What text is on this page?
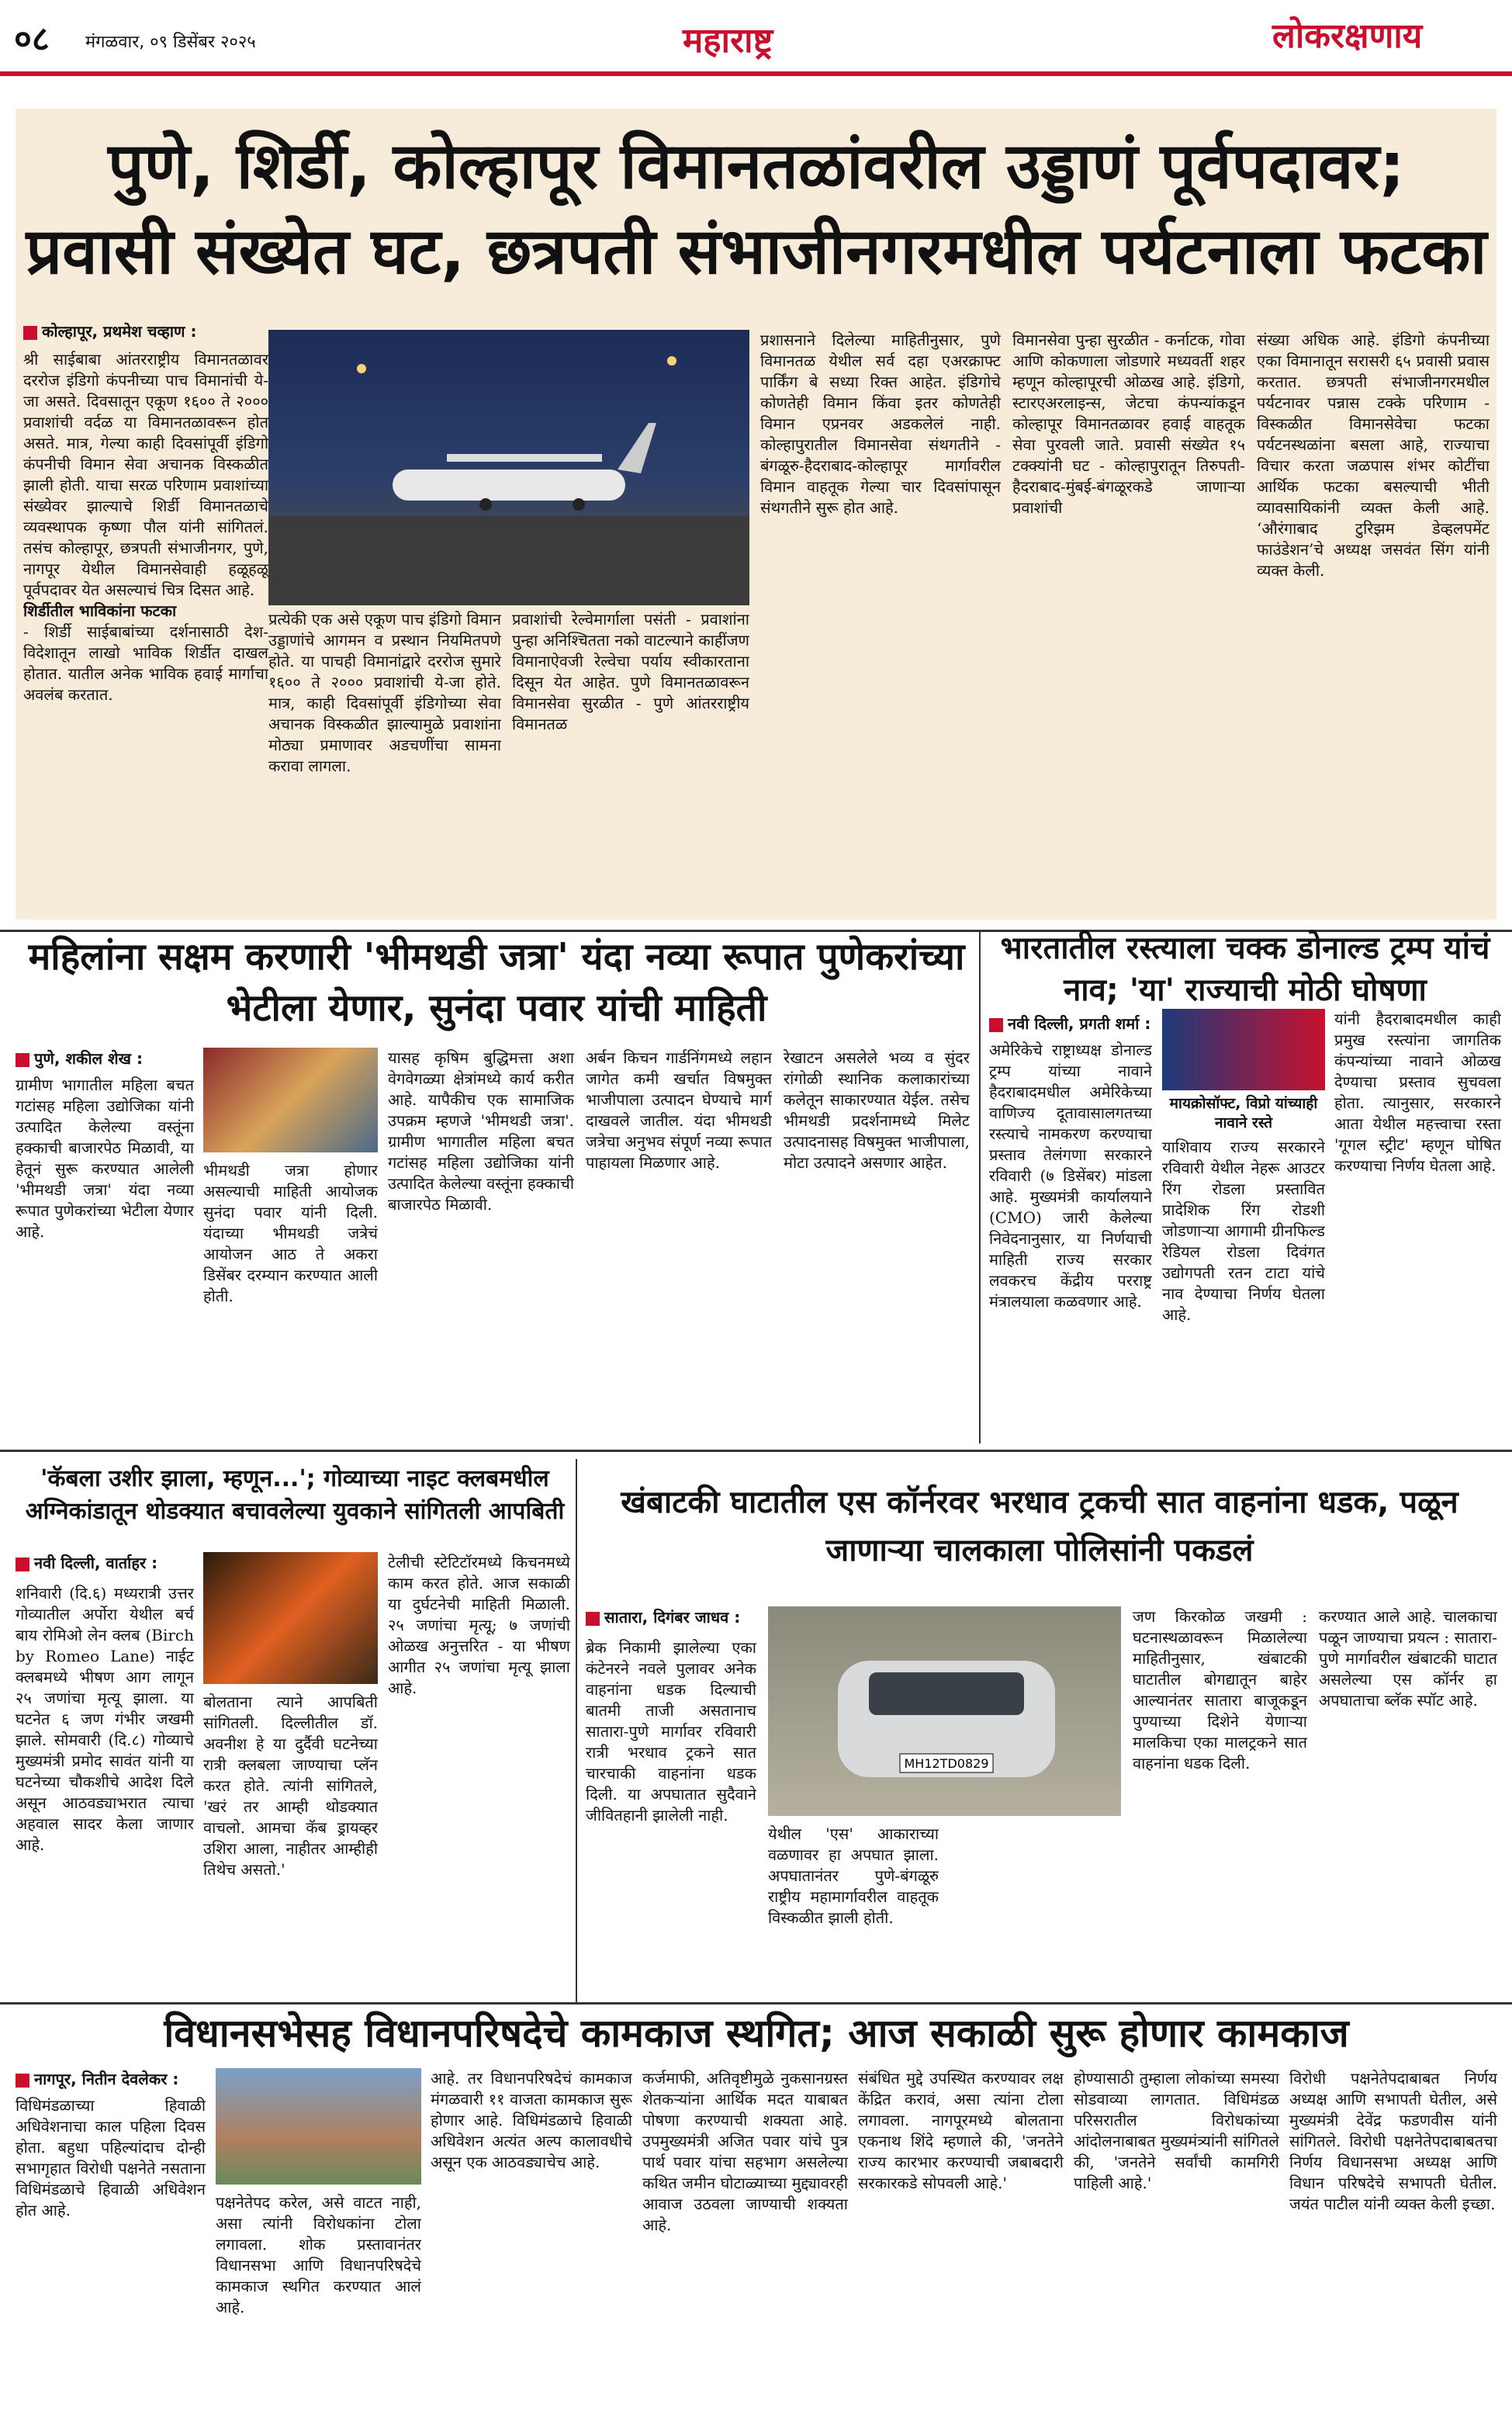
०८ मंगळवार, ०९ डिसेंबर २०२५	महाराष्ट्र	लोकरक्षणाय
पुणे, शिर्डी, कोल्हापूर विमानतळांवरील उड्डाणं पूर्वपदावर; प्रवासी संख्येत घट, छत्रपती संभाजीनगरमधील पर्यटनाला फटका
कोल्हापूर, प्रथमेश चव्हाण :
श्री साईबाबा आंतरराष्ट्रीय विमानतळावर दररोज इंडिगो कंपनीच्या पाच विमानांची ये-जा असते. दिवसातून एकूण १६०० ते २००० प्रवाशांची वर्दळ या विमानतळावरून होत असते. मात्र, गेल्या काही दिवसांपूर्वी इंडिगो कंपनीची विमान सेवा अचानक विस्कळीत झाली होती. याचा सरळ परिणाम प्रवाशांच्या संख्येवर झाल्याचे शिर्डी विमानतळाचे व्यवस्थापक कृष्णा पौल यांनी सांगितलं. तसंच कोल्हापूर, छत्रपती संभाजीनगर, पुणे, नागपूर येथील विमानसेवाही हळूहळू पूर्वपदावर येत असल्याचं चित्र दिसत आहे.
शिर्डीतील भाविकांना फटका
- शिर्डी साईबाबांच्या दर्शनासाठी देश-विदेशातून लाखो भाविक शिर्डीत दाखल होतात. यातील अनेक भाविक हवाई मार्गाचा अवलंब करतात.
प्रत्येकी एक असे एकूण पाच इंडिगो विमान उड्डाणांचे आगमन व प्रस्थान नियमितपणे होते. या पाचही विमानांद्वारे दररोज सुमारे १६०० ते २००० प्रवाशांची ये-जा होते. मात्र, काही दिवसांपूर्वी इंडिगोच्या सेवा अचानक विस्कळीत झाल्यामुळे प्रवाशांना मोठ्या प्रमाणावर अडचणींचा सामना करावा लागला.
प्रवाशांची रेल्वेमार्गाला पसंती - प्रवाशांना पुन्हा अनिश्चितता नको वाटल्याने काहींजण विमानाऐवजी रेल्वेचा पर्याय स्वीकारताना दिसून येत आहेत. पुणे विमानतळावरून विमानसेवा सुरळीत - पुणे आंतरराष्ट्रीय विमानतळ
प्रशासनाने दिलेल्या माहितीनुसार, पुणे विमानतळ येथील सर्व दहा एअरक्राफ्ट पार्किंग बे सध्या रिक्त आहेत. इंडिगोचे कोणतेही विमान किंवा इतर कोणतेही विमान एप्रनवर अडकलेलं नाही. कोल्हापुरातील विमानसेवा संथगतीने - बंगळूरु-हैदराबाद-कोल्हापूर मार्गावरील विमान वाहतूक गेल्या चार दिवसांपासून संथगतीने सुरू होत आहे.
विमानसेवा पुन्हा सुरळीत - कर्नाटक, गोवा आणि कोकणाला जोडणारे मध्यवर्ती शहर म्हणून कोल्हापूरची ओळख आहे. इंडिगो, स्टारएअरलाइन्स, जेटचा कंपन्यांकडून कोल्हापूर विमानतळावर हवाई वाहतूक सेवा पुरवली जाते. प्रवासी संख्येत १५ टक्क्यांनी घट - कोल्हापुरातून तिरुपती-हैदराबाद-मुंबई-बंगळूरकडे जाणाऱ्या प्रवाशांची
संख्या अधिक आहे. इंडिगो कंपनीच्या एका विमानातून सरासरी ६५ प्रवासी प्रवास करतात. छत्रपती संभाजीनगरमधील पर्यटनावर पन्नास टक्के परिणाम - विस्कळीत विमानसेवेचा फटका पर्यटनस्थळांना बसला आहे, राज्याचा विचार करता जळपास शंभर कोटींचा आर्थिक फटका बसल्याची भीती व्यावसायिकांनी व्यक्त केली आहे. ‘औरंगाबाद टुरिझम डेव्हलपमेंट फाउंडेशन’चे अध्यक्ष जसवंत सिंग यांनी व्यक्त केली.
महिलांना सक्षम करणारी 'भीमथडी जत्रा' यंदा नव्या रूपात पुणेकरांच्या भेटीला येणार, सुनंदा पवार यांची माहिती
पुणे, शकील शेख :
ग्रामीण भागातील महिला बचत गटांसह महिला उद्योजिका यांनी उत्पादित केलेल्या वस्तूंना हक्काची बाजारपेठ मिळावी, या हेतूनं सुरू करण्यात आलेली 'भीमथडी जत्रा' यंदा नव्या रूपात पुणेकरांच्या भेटीला येणार आहे.
भीमथडी जत्रा होणार असल्याची माहिती आयोजक सुनंदा पवार यांनी दिली. यंदाच्या भीमथडी जत्रेचं आयोजन आठ ते अकरा डिसेंबर दरम्यान करण्यात आली होती.
यासह कृषिम बुद्धिमत्ता अशा वेगवेगळ्या क्षेत्रांमध्ये कार्य करीत आहे. यापैकीच एक सामाजिक उपक्रम म्हणजे 'भीमथडी जत्रा'. ग्रामीण भागातील महिला बचत गटांसह महिला उद्योजिका यांनी उत्पादित केलेल्या वस्तूंना हक्काची बाजारपेठ मिळावी.
अर्बन किचन गार्डनिंगमध्ये लहान जागेत कमी खर्चात विषमुक्त भाजीपाला उत्पादन घेण्याचे मार्ग दाखवले जातील. यंदा भीमथडी जत्रेचा अनुभव संपूर्ण नव्या रूपात पाहायला मिळणार आहे.
रेखाटन असलेले भव्य व सुंदर रांगोळी स्थानिक कलाकारांच्या कलेतून साकारण्यात येईल. तसेच भीमथडी प्रदर्शनामध्ये मिलेट उत्पादनासह विषमुक्त भाजीपाला, मोटा उत्पादने असणार आहेत.
भारतातील रस्त्याला चक्क डोनाल्ड ट्रम्प यांचं नाव; 'या' राज्याची मोठी घोषणा
नवी दिल्ली, प्रगती शर्मा :
अमेरिकेचे राष्ट्राध्यक्ष डोनाल्ड ट्रम्प यांच्या नावाने हैदराबादमधील अमेरिकेच्या वाणिज्य दूतावासालगतच्या रस्त्याचे नामकरण करण्याचा प्रस्ताव तेलंगणा सरकारने रविवारी (७ डिसेंबर) मांडला आहे. मुख्यमंत्री कार्यालयाने (CMO) जारी केलेल्या निवेदनानुसार, या निर्णयाची माहिती राज्य सरकार लवकरच केंद्रीय परराष्ट्र मंत्रालयाला कळवणार आहे.
मायक्रोसॉफ्ट, विप्रो यांच्याही नावाने रस्ते
याशिवाय राज्य सरकारने रविवारी येथील नेहरू आउटर रिंग रोडला प्रस्तावित प्रादेशिक रिंग रोडशी जोडणाऱ्या आगामी ग्रीनफिल्ड रेडियल रोडला दिवंगत उद्योगपती रतन टाटा यांचे नाव देण्याचा निर्णय घेतला आहे.
यांनी हैदराबादमधील काही प्रमुख रस्त्यांना जागतिक कंपन्यांच्या नावाने ओळख देण्याचा प्रस्ताव सुचवला होता. त्यानुसार, सरकारने आता येथील महत्त्वाचा रस्ता 'गूगल स्ट्रीट' म्हणून घोषित करण्याचा निर्णय घेतला आहे.
'कॅबला उशीर झाला, म्हणून...'; गोव्याच्या नाइट क्लबमधील अग्निकांडातून थोडक्यात बचावलेल्या युवकाने सांगितली आपबिती
नवी दिल्ली, वार्ताहर :
शनिवारी (दि.६) मध्यरात्री उत्तर गोव्यातील अर्पोरा येथील बर्च बाय रोमिओ लेन क्लब (Birch by Romeo Lane) नाईट क्लबमध्ये भीषण आग लागून २५ जणांचा मृत्यू झाला. या घटनेत ६ जण गंभीर जखमी झाले. सोमवारी (दि.८) गोव्याचे मुख्यमंत्री प्रमोद सावंत यांनी या घटनेच्या चौकशीचे आदेश दिले असून आठवड्याभरात त्याचा अहवाल सादर केला जाणार आहे.
बोलताना त्याने आपबिती सांगितली. दिल्लीतील डॉ. अवनीश हे या दुर्दैवी घटनेच्या रात्री क्लबला जाण्याचा प्लॅन करत होते. त्यांनी सांगितले, 'खरं तर आम्ही थोडक्यात वाचलो. आमचा कॅब ड्रायव्हर उशिरा आला, नाहीतर आम्हीही तिथेच असतो.'
टेलीची स्टेटिटॉरमध्ये किचनमध्ये काम करत होते. आज सकाळी या दुर्घटनेची माहिती मिळाली. २५ जणांचा मृत्यू; ७ जणांची ओळख अनुत्तरित - या भीषण आगीत २५ जणांचा मृत्यू झाला आहे.
खंबाटकी घाटातील एस कॉर्नरवर भरधाव ट्रकची सात वाहनांना धडक, पळून जाणाऱ्या चालकाला पोलिसांनी पकडलं
सातारा, दिगंबर जाधव :
ब्रेक निकामी झालेल्या एका कंटेनरने नवले पुलावर अनेक वाहनांना धडक दिल्याची बातमी ताजी असतानाच सातारा-पुणे मार्गावर रविवारी रात्री भरधाव ट्रकने सात चारचाकी वाहनांना धडक दिली. या अपघातात सुदैवाने जीवितहानी झालेली नाही.
MH12TD0829
येथील 'एस' आकाराच्या वळणावर हा अपघात झाला. अपघातानंतर पुणे-बंगळूरु राष्ट्रीय महामार्गावरील वाहतूक विस्कळीत झाली होती.
जण किरकोळ जखमी : घटनास्थळावरून मिळालेल्या माहितीनुसार, खंबाटकी घाटातील बोगद्यातून बाहेर आल्यानंतर सातारा बाजूकडून पुण्याच्या दिशेने येणाऱ्या मालकिचा एका मालट्रकने सात वाहनांना धडक दिली.
करण्यात आले आहे. चालकाचा पळून जाण्याचा प्रयत्न : सातारा-पुणे मार्गावरील खंबाटकी घाटात असलेल्या एस कॉर्नर हा अपघाताचा ब्लॅक स्पॉट आहे.
विधानसभेसह विधानपरिषदेचे कामकाज स्थगित; आज सकाळी सुरू होणार कामकाज
नागपूर, नितीन देवलेकर :
विधिमंडळाच्या हिवाळी अधिवेशनाचा काल पहिला दिवस होता. बहुधा पहिल्यांदाच दोन्ही सभागृहात विरोधी पक्षनेते नसताना विधिमंडळाचे हिवाळी अधिवेशन होत आहे.	पक्षनेतेपद करेल, असे वाटत नाही, असा त्यांनी विरोधकांना टोला लगावला. शोक प्रस्तावानंतर विधानसभा आणि विधानपरिषदेचे कामकाज स्थगित करण्यात आलं आहे.
आहे. तर विधानपरिषदेचं कामकाज मंगळवारी ११ वाजता कामकाज सुरू होणार आहे. विधिमंडळाचे हिवाळी अधिवेशन अत्यंत अल्प कालावधीचे असून एक आठवड्याचेच आहे.
कर्जमाफी, अतिवृष्टीमुळे नुकसानग्रस्त शेतकऱ्यांना आर्थिक मदत याबाबत पोषणा करण्याची शक्यता आहे. उपमुख्यमंत्री अजित पवार यांचे पुत्र पार्थ पवार यांचा सहभाग असलेल्या कथित जमीन घोटाळ्याच्या मुद्द्यावरही आवाज उठवला जाण्याची शक्यता आहे.
संबंधित मुद्दे उपस्थित करण्यावर लक्ष केंद्रित करावं, असा त्यांना टोला लगावला. नागपूरमध्ये बोलताना एकनाथ शिंदे म्हणाले की, 'जनतेने राज्य कारभार करण्याची जबाबदारी सरकारकडे सोपवली आहे.'
होण्यासाठी तुम्हाला लोकांच्या समस्या सोडवाव्या लागतात. विधिमंडळ परिसरातील विरोधकांच्या आंदोलनाबाबत मुख्यमंत्र्यांनी सांगितले की, 'जनतेने सर्वांची कामगिरी पाहिली आहे.'
विरोधी पक्षनेतेपदाबाबत निर्णय अध्यक्ष आणि सभापती घेतील, असे मुख्यमंत्री देवेंद्र फडणवीस यांनी सांगितले. विरोधी पक्षनेतेपदाबाबतचा निर्णय विधानसभा अध्यक्ष आणि विधान परिषदेचे सभापती घेतील. जयंत पाटील यांनी व्यक्त केली इच्छा.
